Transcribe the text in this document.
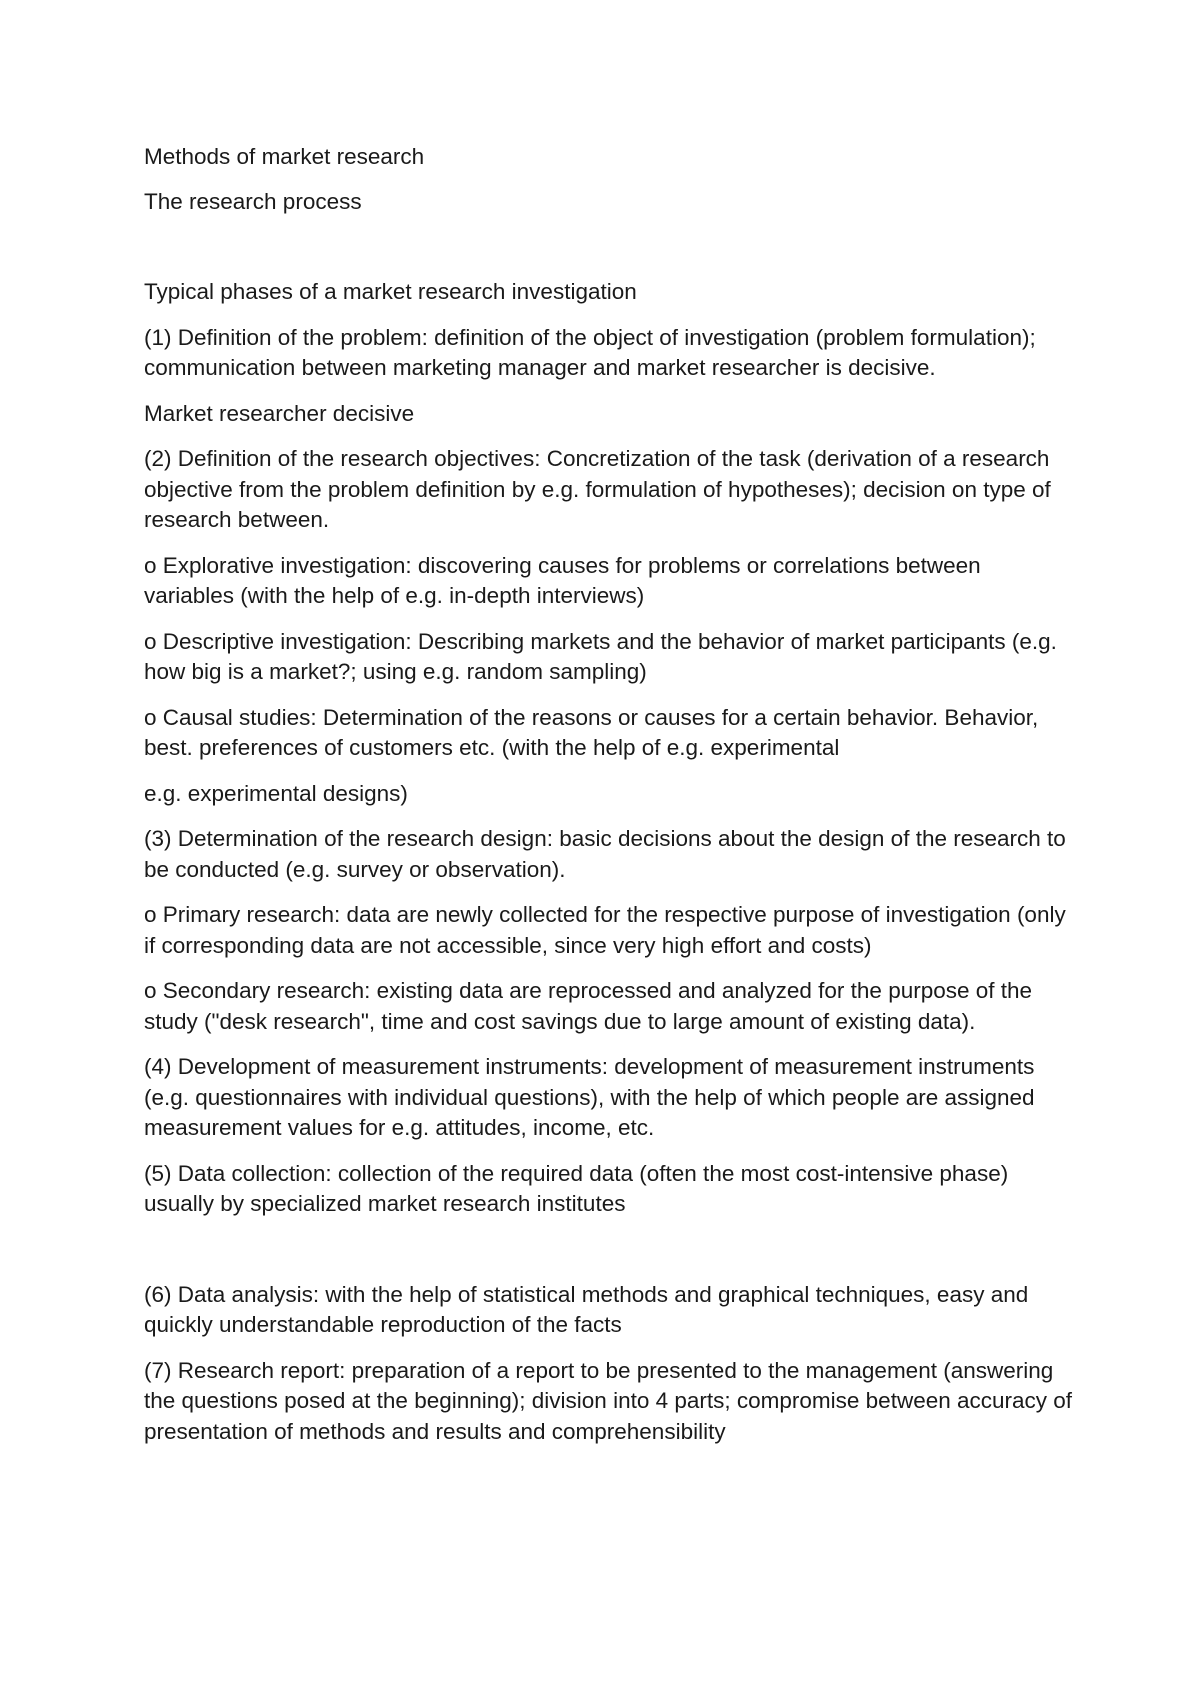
Methods of market research

The research process

Typical phases of a market research investigation

(1) Definition of the problem: definition of the object of investigation (problem formulation); communication between marketing manager and market researcher is decisive.

Market researcher decisive

(2) Definition of the research objectives: Concretization of the task (derivation of a research objective from the problem definition by e.g. formulation of hypotheses); decision on type of research between.

o Explorative investigation: discovering causes for problems or correlations between variables (with the help of e.g. in-depth interviews)

o Descriptive investigation: Describing markets and the behavior of market participants (e.g. how big is a market?; using e.g. random sampling)

o Causal studies: Determination of the reasons or causes for a certain behavior. Behavior, best. preferences of customers etc. (with the help of e.g. experimental

e.g. experimental designs)

(3) Determination of the research design: basic decisions about the design of the research to be conducted (e.g. survey or observation).

o Primary research: data are newly collected for the respective purpose of investigation (only if corresponding data are not accessible, since very high effort and costs)

o Secondary research: existing data are reprocessed and analyzed for the purpose of the study ("desk research", time and cost savings due to large amount of existing data).

(4) Development of measurement instruments: development of measurement instruments (e.g. questionnaires with individual questions), with the help of which people are assigned measurement values for e.g. attitudes, income, etc.

(5) Data collection: collection of the required data (often the most cost-intensive phase) usually by specialized market research institutes

(6) Data analysis: with the help of statistical methods and graphical techniques, easy and quickly understandable reproduction of the facts

(7) Research report: preparation of a report to be presented to the management (answering the questions posed at the beginning); division into 4 parts; compromise between accuracy of presentation of methods and results and comprehensibility
